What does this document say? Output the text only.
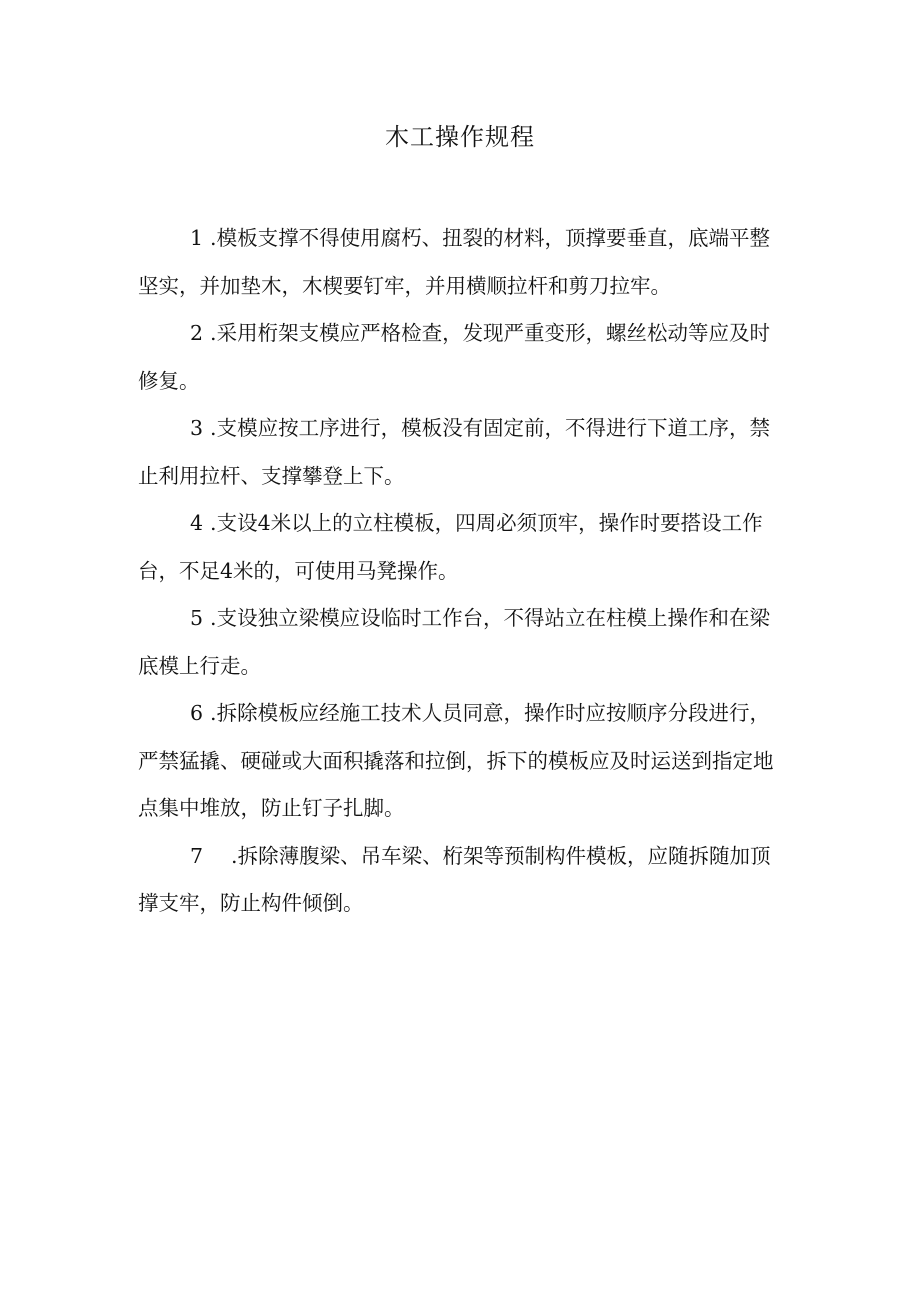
木工操作规程

1 .模板支撑不得使用腐朽、扭裂的材料，顶撑要垂直，底端平整坚实，并加垫木，木楔要钉牢，并用横顺拉杆和剪刀拉牢。

2 .采用桁架支模应严格检查，发现严重变形，螺丝松动等应及时修复。

3 .支模应按工序进行，模板没有固定前，不得进行下道工序，禁止利用拉杆、支撑攀登上下。

4 .支设4米以上的立柱模板，四周必须顶牢，操作时要搭设工作台，不足4米的，可使用马凳操作。

5 .支设独立梁模应设临时工作台，不得站立在柱模上操作和在梁底模上行走。

6 .拆除模板应经施工技术人员同意，操作时应按顺序分段进行，严禁猛撬、硬碰或大面积撬落和拉倒，拆下的模板应及时运送到指定地点集中堆放，防止钉子扎脚。

7 .拆除薄腹梁、吊车梁、桁架等预制构件模板，应随拆随加顶撑支牢，防止构件倾倒。
